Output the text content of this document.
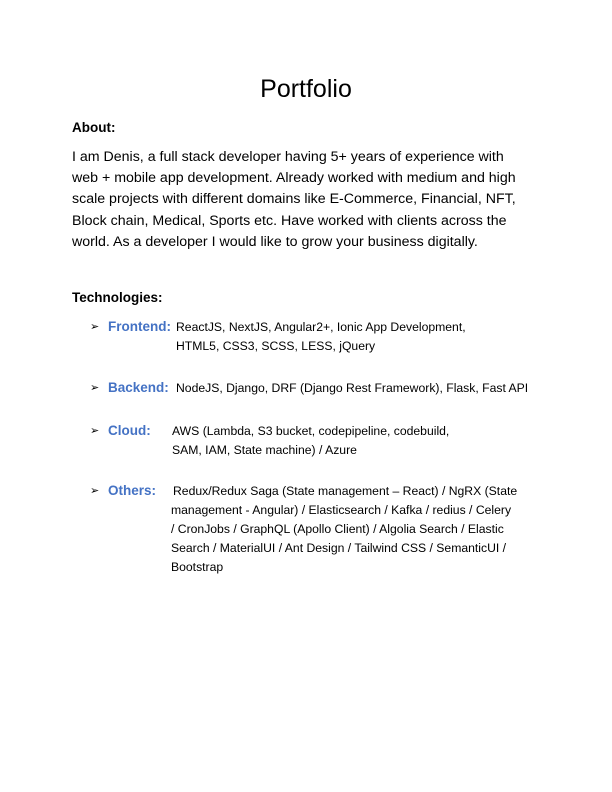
Portfolio
About:
I am Denis, a full stack developer having 5+ years of experience with
web + mobile app development. Already worked with medium and high
scale projects with different domains like E-Commerce, Financial, NFT,
Block chain, Medical, Sports etc. Have worked with clients across the
world. As a developer I would like to grow your business digitally.
Technologies:
➢ Frontend: ReactJS, NextJS, Angular2+, Ionic App Development,
HTML5, CSS3, SCSS, LESS, jQuery
➢ Backend: NodeJS, Django, DRF (Django Rest Framework), Flask, Fast API
➢ Cloud: AWS (Lambda, S3 bucket, codepipeline, codebuild,
SAM, IAM, State machine) / Azure
➢ Others: Redux/Redux Saga (State management – React) / NgRX (State
management - Angular) / Elasticsearch / Kafka / redius / Celery
/ CronJobs / GraphQL (Apollo Client) / Algolia Search / Elastic
Search / MaterialUI / Ant Design / Tailwind CSS / SemanticUI /
Bootstrap
